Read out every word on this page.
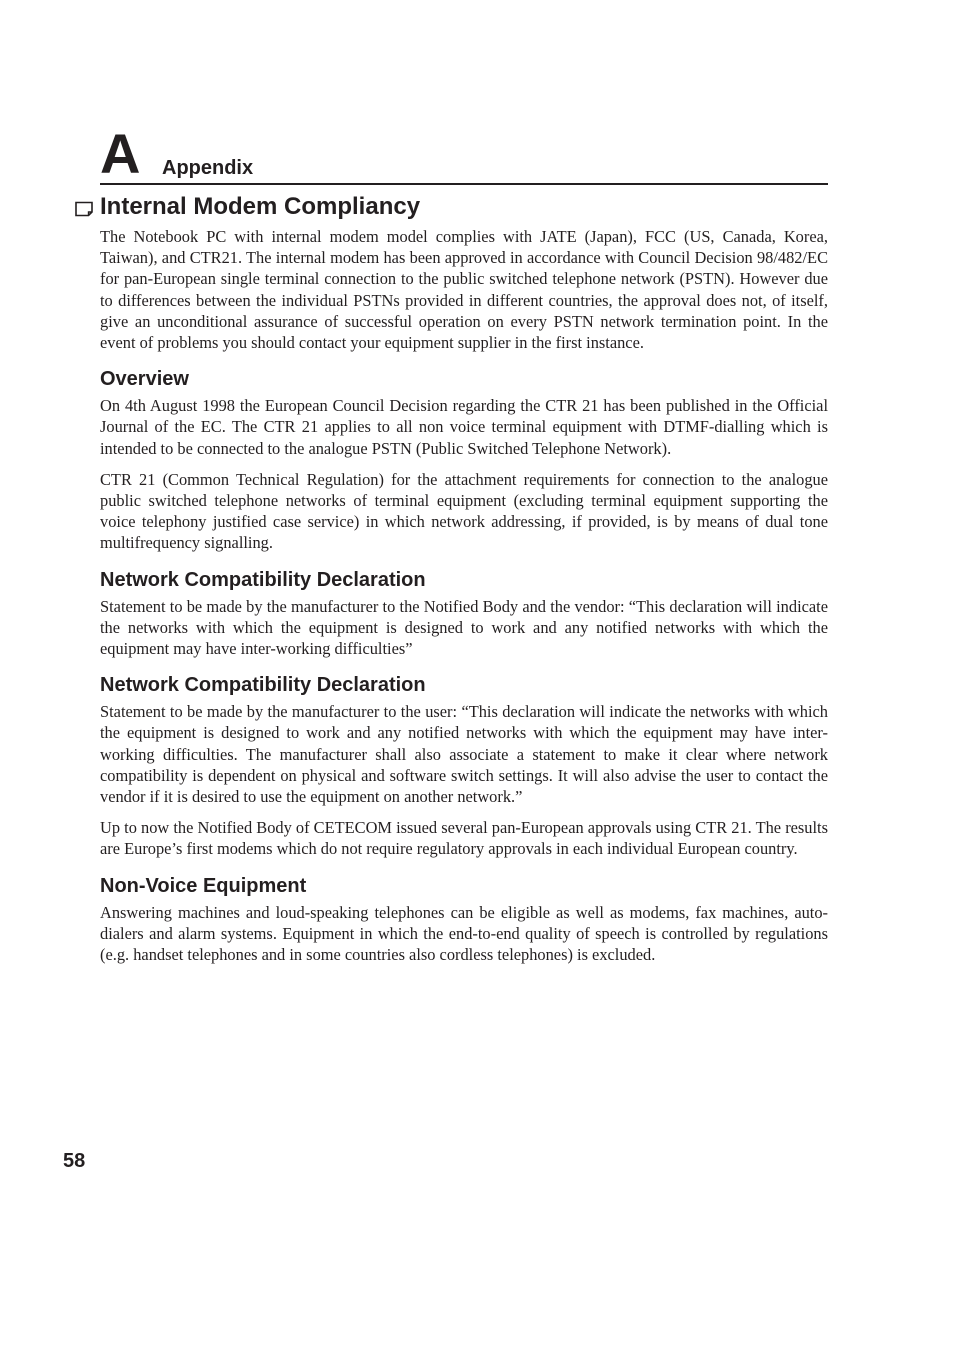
A Appendix
Internal Modem Compliancy

The Notebook PC with internal modem model complies with JATE (Japan), FCC (US, Canada, Korea, Taiwan), and CTR21. The internal modem has been approved in accordance with Council Decision 98/482/EC for pan-European single terminal connection to the public switched telephone network (PSTN). However due to differences between the individual PSTNs provided in different countries, the approval does not, of itself, give an unconditional assurance of successful operation on every PSTN network termination point. In the event of problems you should contact your equipment supplier in the first instance.

Overview

On 4th August 1998 the European Council Decision regarding the CTR 21 has been published in the Official Journal of the EC. The CTR 21 applies to all non voice terminal equipment with DTMF-dialling which is intended to be connected to the analogue PSTN (Public Switched Telephone Network).

CTR 21 (Common Technical Regulation) for the attachment requirements for connection to the analogue public switched telephone networks of terminal equipment (excluding terminal equipment supporting the voice telephony justified case service) in which network addressing, if provided, is by means of dual tone multifrequency signalling.

Network Compatibility Declaration

Statement to be made by the manufacturer to the Notified Body and the vendor: “This declaration will indicate the networks with which the equipment is designed to work and any notified networks with which the equipment may have inter-working difficulties”

Network Compatibility Declaration

Statement to be made by the manufacturer to the user: “This declaration will indicate the networks with which the equipment is designed to work and any notified networks with which the equipment may have inter-working difficulties. The manufacturer shall also associate a statement to make it clear where network compatibility is dependent on physical and software switch settings. It will also advise the user to contact the vendor if it is desired to use the equipment on another network.”

Up to now the Notified Body of CETECOM issued several pan-European approvals using CTR 21. The results are Europe’s first modems which do not require regulatory approvals in each individual European country.

Non-Voice Equipment

Answering machines and loud-speaking telephones can be eligible as well as modems, fax machines, auto-dialers and alarm systems. Equipment in which the end-to-end quality of speech is controlled by regulations (e.g. handset telephones and in some countries also cordless telephones) is excluded.

58
